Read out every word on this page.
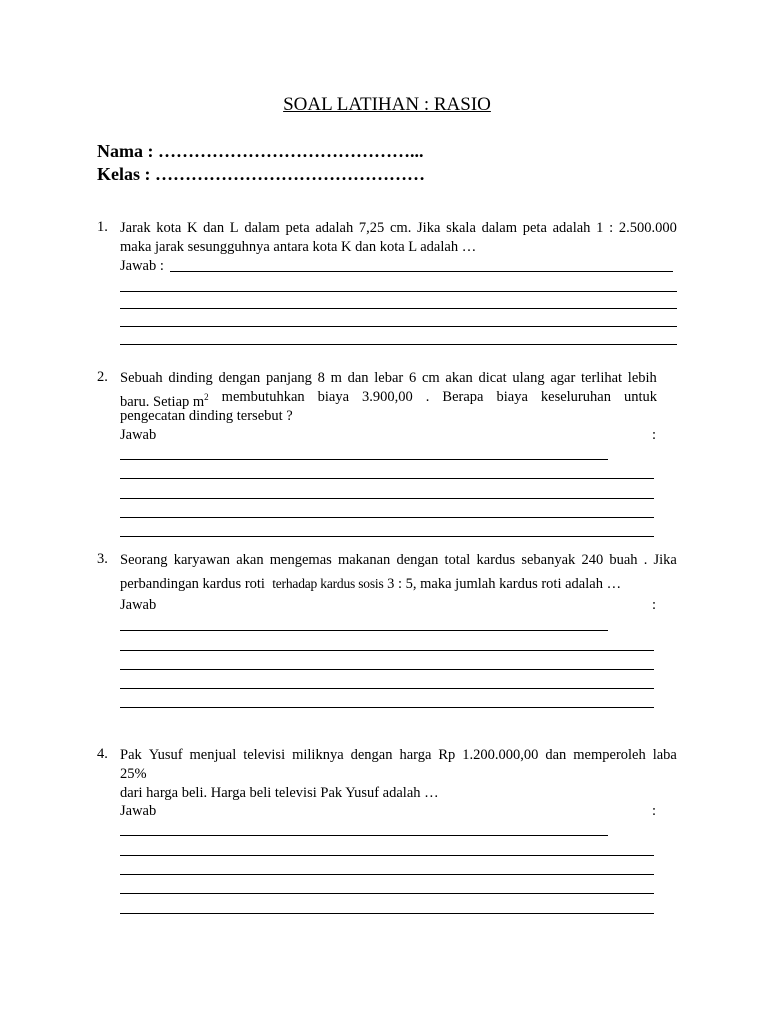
SOAL LATIHAN : RASIO
Nama : ……………………………………...
Kelas : ………………………………………
1. Jarak kota K dan L dalam peta adalah 7,25 cm. Jika skala dalam peta adalah 1 : 2.500.000
maka jarak sesungguhnya antara kota K dan kota L adalah …
Jawab :
2. Sebuah dinding dengan panjang 8 m dan lebar 6 cm akan dicat ulang agar terlihat lebih
baru. Setiap $m^2$ membutuhkan biaya 3.900,00 . Berapa biaya keseluruhan untuk
pengecatan dinding tersebut ?
Jawab	:
3. Seorang karyawan akan mengemas makanan dengan total kardus sebanyak 240 buah . Jika
perbandingan kardus roti terhadap kardus sosis 3 : 5, maka jumlah kardus roti adalah …
Jawab	:
4. Pak Yusuf menjual televisi miliknya dengan harga Rp 1.200.000,00 dan memperoleh laba
25%
dari harga beli. Harga beli televisi Pak Yusuf adalah …
Jawab	:
